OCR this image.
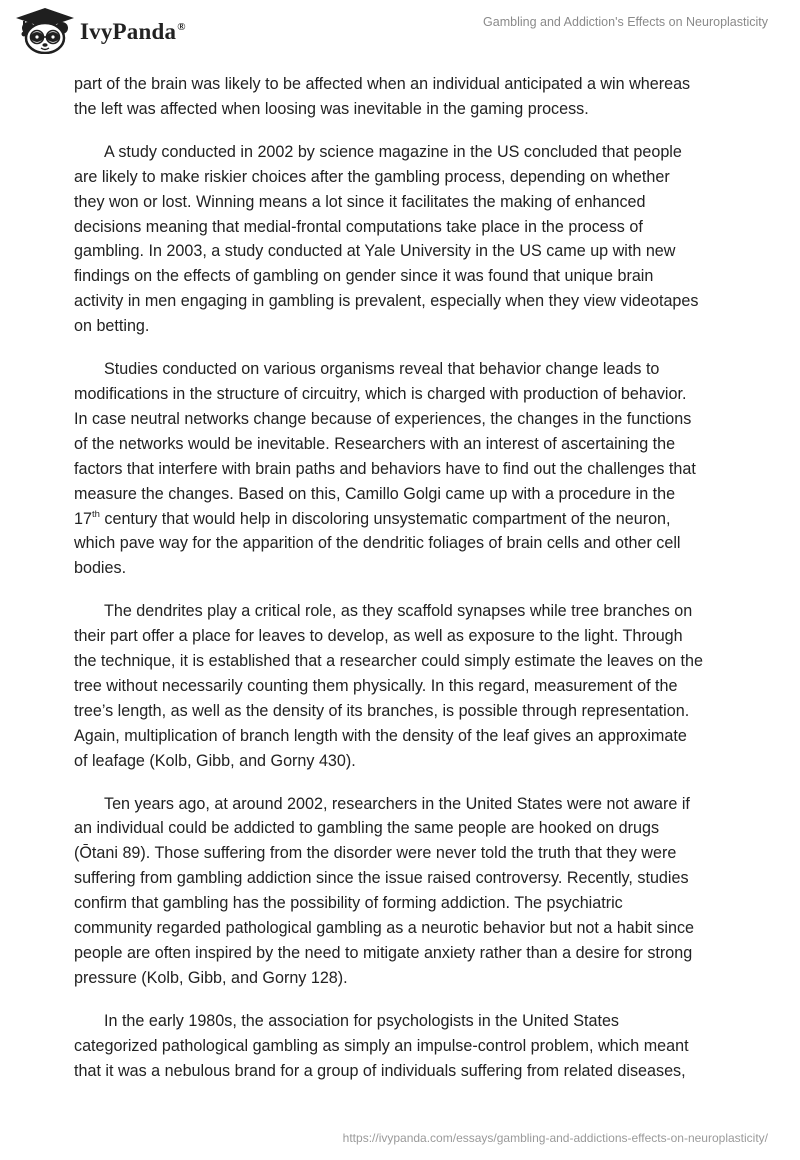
IvyPanda®	Gambling and Addiction's Effects on Neuroplasticity

part of the brain was likely to be affected when an individual anticipated a win whereas
the left was affected when loosing was inevitable in the gaming process.

A study conducted in 2002 by science magazine in the US concluded that people
are likely to make riskier choices after the gambling process, depending on whether
they won or lost. Winning means a lot since it facilitates the making of enhanced
decisions meaning that medial-frontal computations take place in the process of
gambling. In 2003, a study conducted at Yale University in the US came up with new
findings on the effects of gambling on gender since it was found that unique brain
activity in men engaging in gambling is prevalent, especially when they view videotapes
on betting.

Studies conducted on various organisms reveal that behavior change leads to
modifications in the structure of circuitry, which is charged with production of behavior.
In case neutral networks change because of experiences, the changes in the functions
of the networks would be inevitable. Researchers with an interest of ascertaining the
factors that interfere with brain paths and behaviors have to find out the challenges that
measure the changes. Based on this, Camillo Golgi came up with a procedure in the
17th century that would help in discoloring unsystematic compartment of the neuron,
which pave way for the apparition of the dendritic foliages of brain cells and other cell
bodies.

The dendrites play a critical role, as they scaffold synapses while tree branches on
their part offer a place for leaves to develop, as well as exposure to the light. Through
the technique, it is established that a researcher could simply estimate the leaves on the
tree without necessarily counting them physically. In this regard, measurement of the
tree’s length, as well as the density of its branches, is possible through representation.
Again, multiplication of branch length with the density of the leaf gives an approximate
of leafage (Kolb, Gibb, and Gorny 430).

Ten years ago, at around 2002, researchers in the United States were not aware if
an individual could be addicted to gambling the same people are hooked on drugs
(Ōtani 89). Those suffering from the disorder were never told the truth that they were
suffering from gambling addiction since the issue raised controversy. Recently, studies
confirm that gambling has the possibility of forming addiction. The psychiatric
community regarded pathological gambling as a neurotic behavior but not a habit since
people are often inspired by the need to mitigate anxiety rather than a desire for strong
pressure (Kolb, Gibb, and Gorny 128).

In the early 1980s, the association for psychologists in the United States
categorized pathological gambling as simply an impulse-control problem, which meant
that it was a nebulous brand for a group of individuals suffering from related diseases,

https://ivypanda.com/essays/gambling-and-addictions-effects-on-neuroplasticity/
